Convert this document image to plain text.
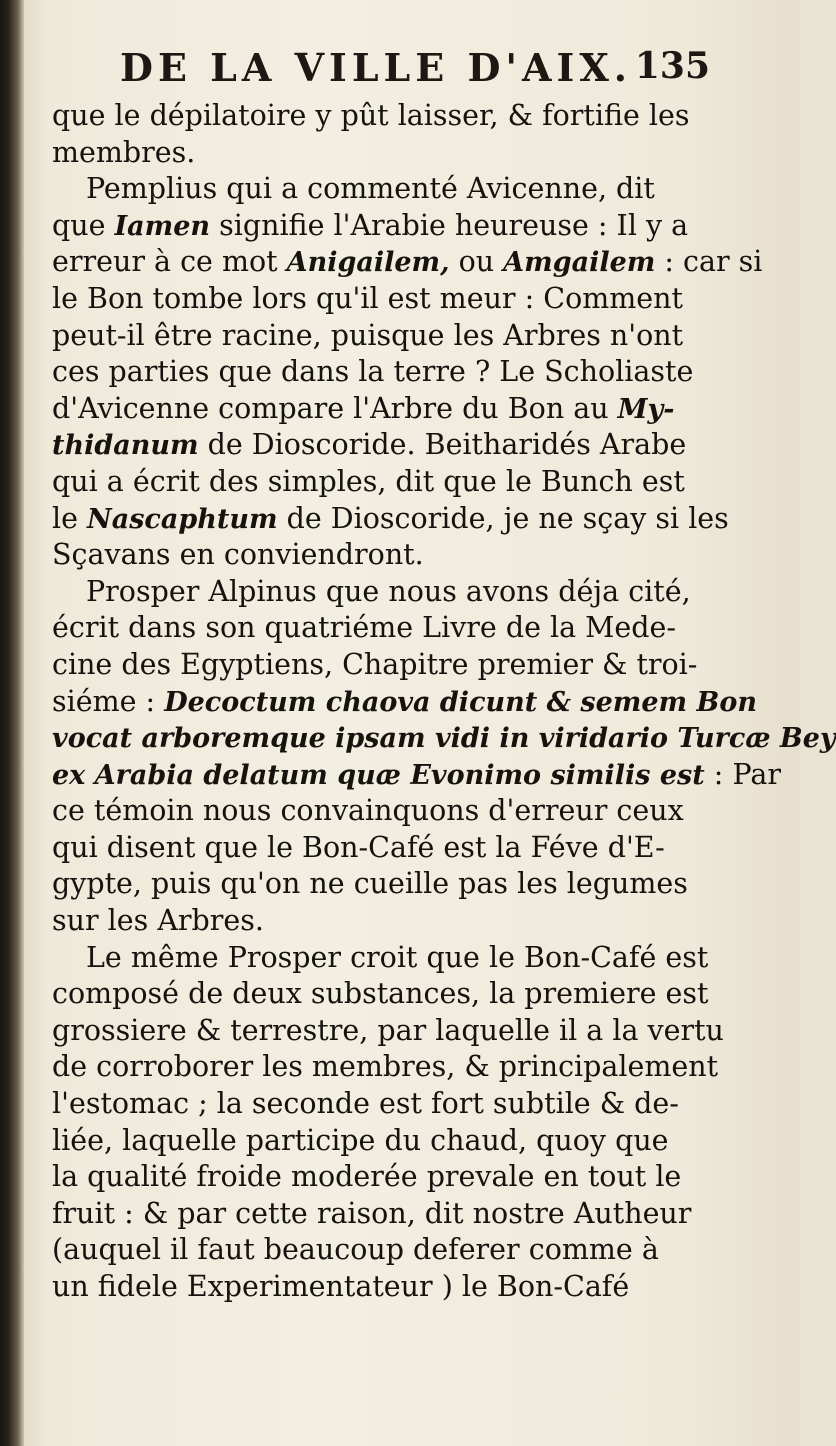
DE LA VILLE D'AIX. 135
que le dépilatoire y pût laisser, & fortifie les
membres.
Pemplius qui a commenté Avicenne, dit
que Iamen signifie l'Arabie heureuse : Il y a
erreur à ce mot Anigailem, ou Amgailem : car si
le Bon tombe lors qu'il est meur : Comment
peut-il être racine, puisque les Arbres n'ont
ces parties que dans la terre ? Le Scholiaste
d'Avicenne compare l'Arbre du Bon au My-
thidanum de Dioscoride. Beitharidés Arabe
qui a écrit des simples, dit que le Bunch est
le Nascaphtum de Dioscoride, je ne sçay si les
Sçavans en conviendront.
Prosper Alpinus que nous avons déja cité,
écrit dans son quatriéme Livre de la Mede-
cine des Egyptiens, Chapitre premier & troi-
siéme : Decoctum chaova dicunt & semem Bon
vocat arboremque ipsam vidi in viridario Turcæ Bey
ex Arabia delatum quæ Evonimo similis est : Par
ce témoin nous convainquons d'erreur ceux
qui disent que le Bon-Café est la Féve d'E-
gypte, puis qu'on ne cueille pas les legumes
sur les Arbres.
Le même Prosper croit que le Bon-Café est
composé de deux substances, la premiere est
grossiere & terrestre, par laquelle il a la vertu
de corroborer les membres, & principalement
l'estomac ; la seconde est fort subtile & de-
liée, laquelle participe du chaud, quoy que
la qualité froide moderée prevale en tout le
fruit : & par cette raison, dit nostre Autheur
(auquel il faut beaucoup deferer comme à
un fidele Experimentateur ) le Bon-Café
